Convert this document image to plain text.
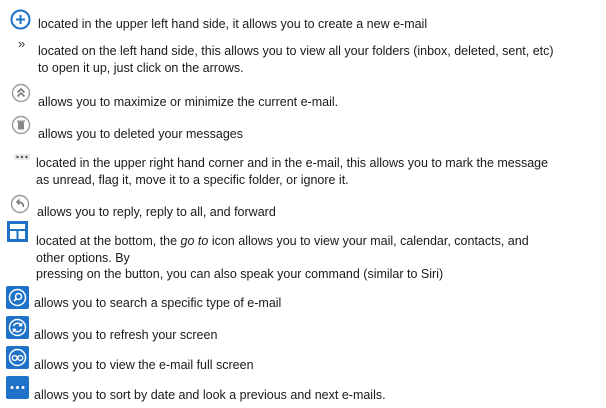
located in the upper left hand side, it allows you to create a new e-mail
» located on the left hand side, this allows you to view all your folders (inbox, deleted, sent, etc)
to open it up, just click on the arrows.
allows you to maximize or minimize the current e-mail.
allows you to deleted your messages
located in the upper right hand corner and in the e-mail, this allows you to mark the message
as unread, flag it, move it to a specific folder, or ignore it.
allows you to reply, reply to all, and forward
located at the bottom, the go to icon allows you to view your mail, calendar, contacts, and
other options. By
pressing on the button, you can also speak your command (similar to Siri)
allows you to search a specific type of e-mail
allows you to refresh your screen
allows you to view the e-mail full screen
allows you to sort by date and look a previous and next e-mails.
